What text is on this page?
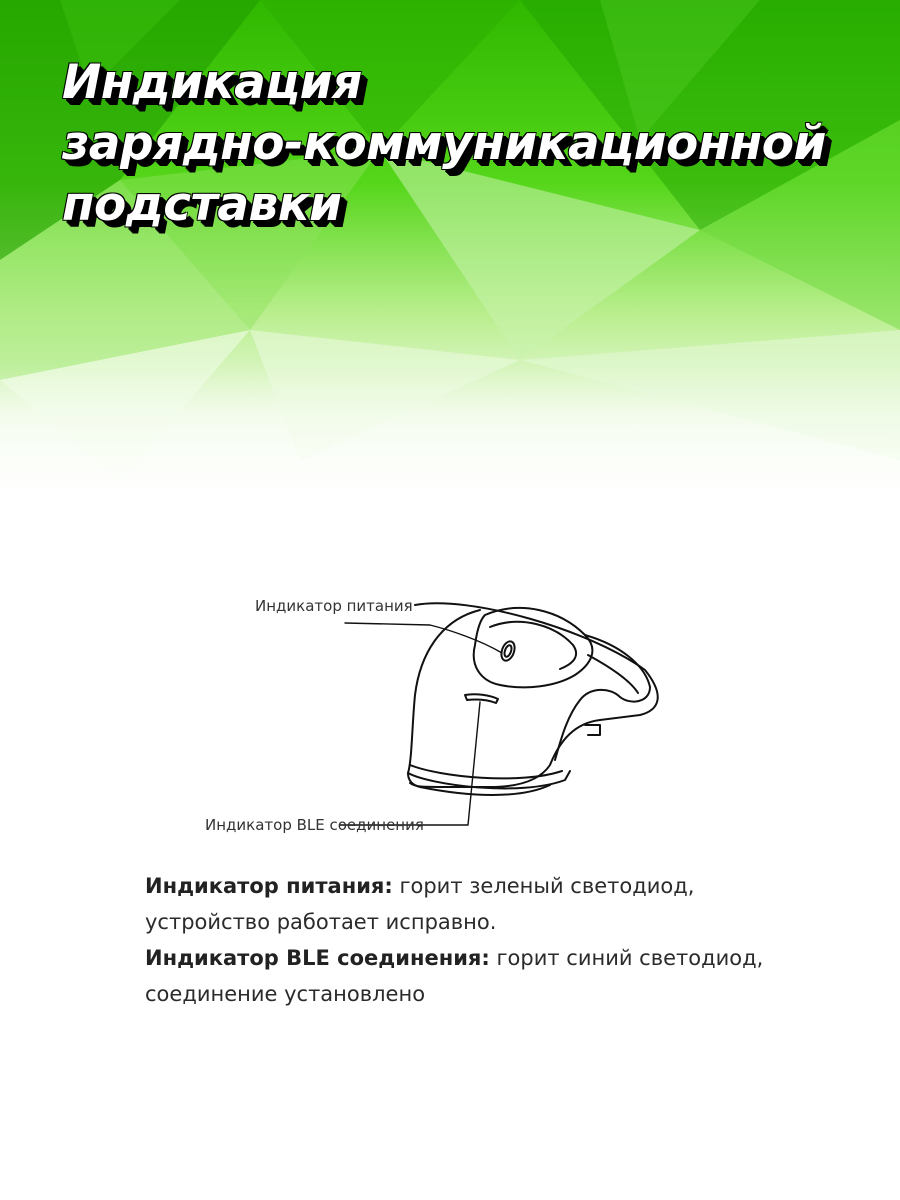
Индикация
зарядно-коммуникационной
подставки
Индикатор питания
Индикатор BLE соединения

Индикатор питания: горит зеленый светодиод, устройство работает исправно.

Индикатор BLE соединения: горит синий светодиод, соединение установлено
